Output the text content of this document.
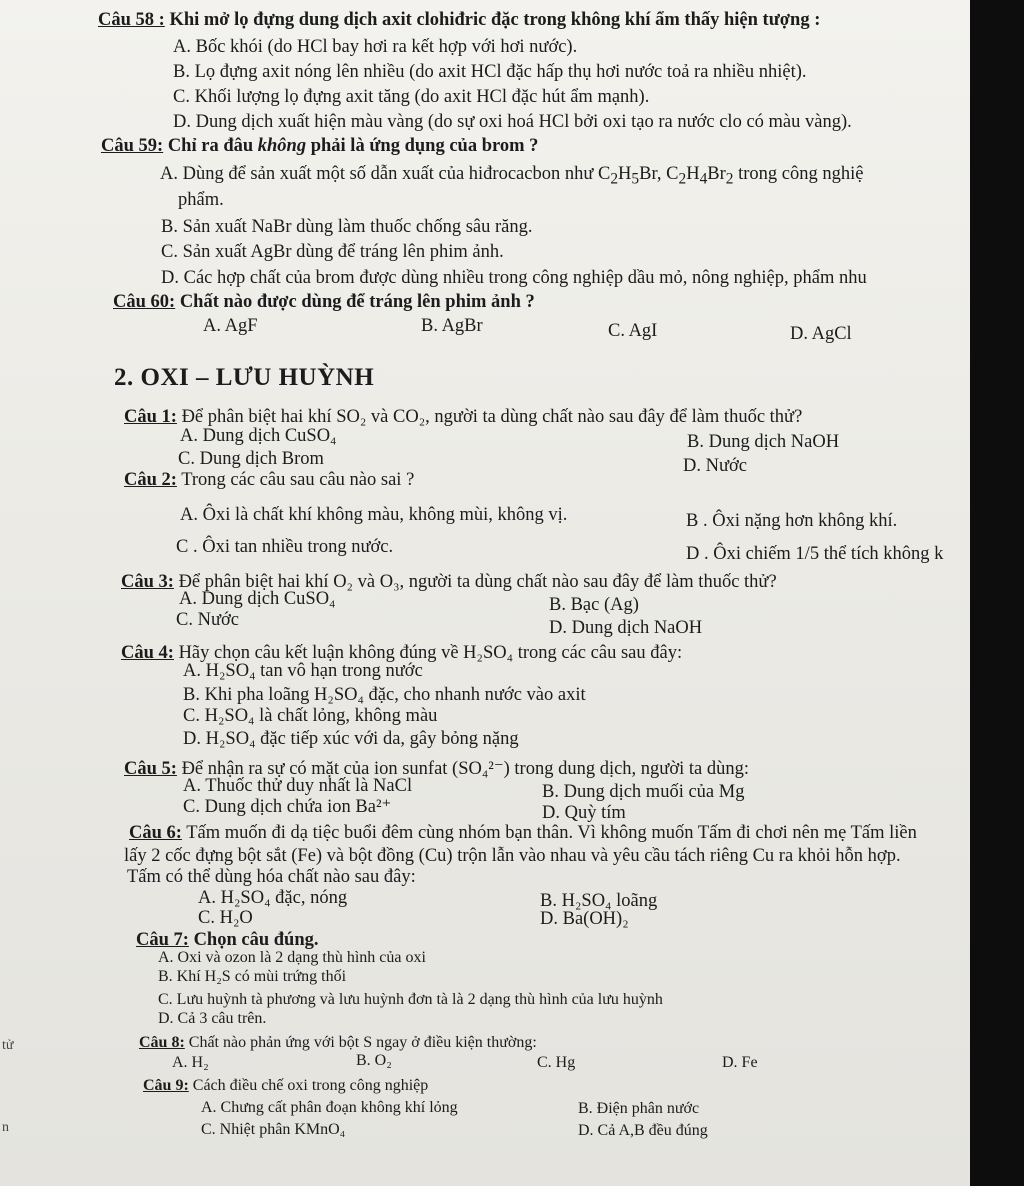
Câu 58 : Khi mở lọ đựng dung dịch axit clohiđric đặc trong không khí ẩm thấy hiện tượng :
A. Bốc khói (do HCl bay hơi ra kết hợp với hơi nước).
B. Lọ đựng axit nóng lên nhiều (do axit HCl đặc hấp thụ hơi nước toả ra nhiều nhiệt).
C. Khối lượng lọ đựng axit tăng (do axit HCl đặc hút ẩm mạnh).
D. Dung dịch xuất hiện màu vàng (do sự oxi hoá HCl bởi oxi tạo ra nước clo có màu vàng).
Câu 59: Chỉ ra đâu không phải là ứng dụng của brom ?
A. Dùng để sản xuất một số dẫn xuất của hiđrocacbon như $C_2H_5Br$, $C_2H_4Br_2$ trong công nghiệ
phẩm.
B. Sản xuất NaBr dùng làm thuốc chống sâu răng.
C. Sản xuất AgBr dùng để tráng lên phim ảnh.
D. Các hợp chất của brom được dùng nhiều trong công nghiệp dầu mỏ, nông nghiệp, phẩm nhu
Câu 60: Chất nào được dùng để tráng lên phim ảnh ?
A. AgF	B. AgBr	C. AgI	D. AgCl
2. OXI – LƯU HUỲNH
Câu 1: Để phân biệt hai khí SO₂ và CO₂, người ta dùng chất nào sau đây để làm thuốc thử?
A. Dung dịch CuSO₄	B. Dung dịch NaOH
C. Dung dịch Brom	D. Nước
Câu 2: Trong các câu sau câu nào sai ?
A. Ôxi là chất khí không màu, không mùi, không vị.	B . Ôxi nặng hơn không khí.
C . Ôxi tan nhiều trong nước.	D . Ôxi chiếm 1/5 thể tích không k
Câu 3: Để phân biệt hai khí O₂ và O₃, người ta dùng chất nào sau đây để làm thuốc thử?
A. Dung dịch CuSO₄	B. Bạc (Ag)
C. Nước	D. Dung dịch NaOH
Câu 4: Hãy chọn câu kết luận không đúng về H₂SO₄ trong các câu sau đây:
A. H₂SO₄ tan vô hạn trong nước
B. Khi pha loãng H₂SO₄ đặc, cho nhanh nước vào axit
C. H₂SO₄ là chất lỏng, không màu
D. H₂SO₄ đặc tiếp xúc với da, gây bỏng nặng
Câu 5: Để nhận ra sự có mặt của ion sunfat (SO₄²⁻) trong dung dịch, người ta dùng:
A. Thuốc thử duy nhất là NaCl	B. Dung dịch muối của Mg
C. Dung dịch chứa ion Ba²⁺	D. Quỳ tím
Câu 6: Tấm muốn đi dạ tiệc buổi đêm cùng nhóm bạn thân. Vì không muốn Tấm đi chơi nên mẹ Tấm liền
lấy 2 cốc đựng bột sắt (Fe) và bột đồng (Cu) trộn lẫn vào nhau và yêu cầu tách riêng Cu ra khỏi hỗn hợp.
Tấm có thể dùng hóa chất nào sau đây:
A. H₂SO₄ đặc, nóng	B. H₂SO₄ loãng
C. H₂O	D. Ba(OH)₂
Câu 7: Chọn câu đúng.
A. Oxi và ozon là 2 dạng thù hình của oxi
B. Khí H₂S có mùi trứng thối
C. Lưu huỳnh tà phương và lưu huỳnh đơn tà là 2 dạng thù hình của lưu huỳnh
D. Cả 3 câu trên.
Câu 8: Chất nào phản ứng với bột S ngay ở điều kiện thường:
A. H₂	B. O₂	C. Hg	D. Fe
Câu 9: Cách điều chế oxi trong công nghiệp
A. Chưng cất phân đoạn không khí lỏng	B. Điện phân nước
C. Nhiệt phân KMnO₄	D. Cả A,B đều đúng
tử
n
